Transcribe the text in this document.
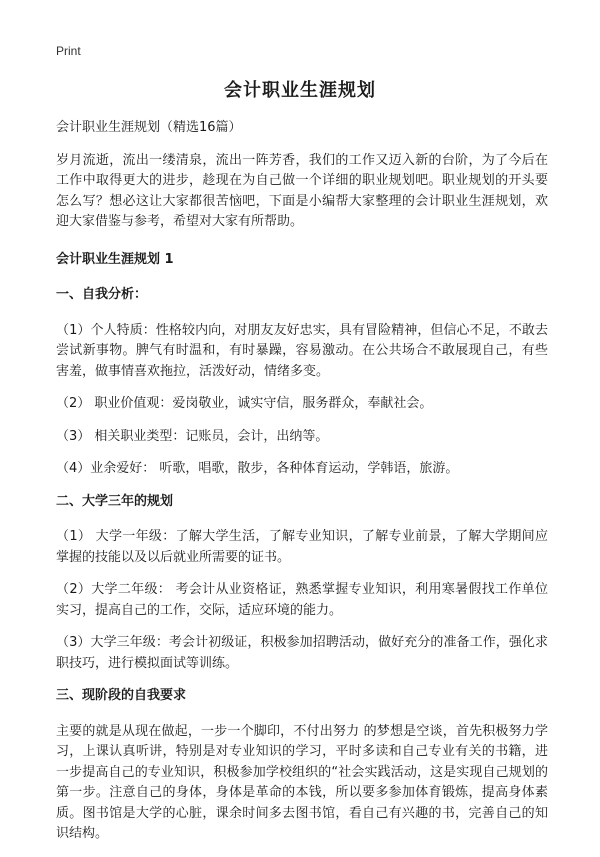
Print
会计职业生涯规划

会计职业生涯规划（精选16篇）

岁月流逝，流出一缕清泉，流出一阵芳香，我们的工作又迈入新的台阶，为了今后在工作中取得更大的进步，趁现在为自己做一个详细的职业规划吧。职业规划的开头要怎么写？想必这让大家都很苦恼吧，下面是小编帮大家整理的会计职业生涯规划，欢迎大家借鉴与参考，希望对大家有所帮助。

会计职业生涯规划 1

一、自我分析：

（1）个人特质：性格较内向，对朋友友好忠实，具有冒险精神，但信心不足，不敢去尝试新事物。脾气有时温和，有时暴躁，容易激动。在公共场合不敢展现自己，有些害羞，做事情喜欢拖拉，活泼好动，情绪多变。

（2） 职业价值观：爱岗敬业，诚实守信，服务群众，奉献社会。

（3） 相关职业类型：记账员，会计，出纳等。

（4）业余爱好： 听歌，唱歌，散步，各种体育运动，学韩语，旅游。

二、大学三年的规划

（1） 大学一年级：了解大学生活，了解专业知识，了解专业前景，了解大学期间应掌握的技能以及以后就业所需要的证书。

（2）大学二年级： 考会计从业资格证，熟悉掌握专业知识，利用寒暑假找工作单位实习，提高自己的工作，交际，适应环境的能力。

（3）大学三年级：考会计初级证，积极参加招聘活动，做好充分的准备工作，强化求职技巧，进行模拟面试等训练。

三、现阶段的自我要求

主要的就是从现在做起，一步一个脚印，不付出努力 的梦想是空谈，首先积极努力学习，上课认真听讲，特别是对专业知识的学习，平时多读和自己专业有关的书籍，进一步提高自己的专业知识，积极参加学校组织的“社会实践活动，这是实现自己规划的第一步。注意自己的身体，身体是革命的本钱，所以要多参加体育锻炼，提高身体素质。图书馆是大学的心脏，课余时间多去图书馆，看自己有兴趣的书，完善自己的知识结构。
